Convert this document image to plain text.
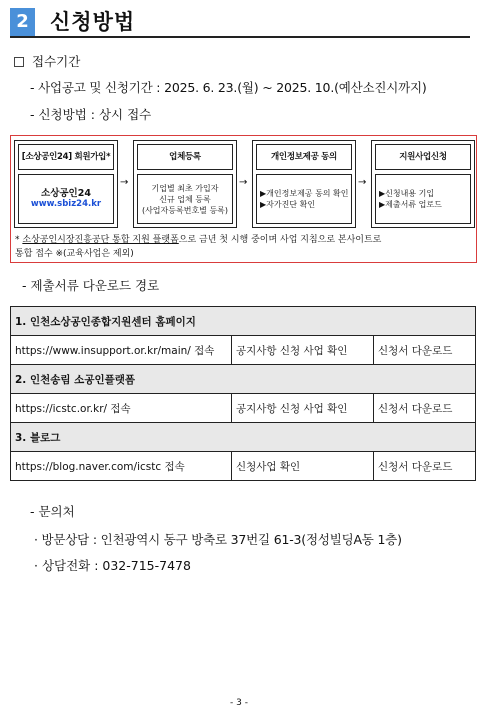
2	신청방법
접수기간
- 사업공고 및 신청기간 : 2025. 6. 23.(월) ~ 2025. 10.(예산소진시까지)
- 신청방법 : 상시 접수
[소상공인24] 회원가입*
소상공인24
www.sbiz24.kr
→
업체등록
기업별 최초 가입자
신규 업체 등록
(사업자등록번호별 등록)
→
개인정보제공 동의
▶개인정보제공 동의 확인
▶자가진단 확인
→
지원사업신청
▶신청내용 기입
▶제출서류 업로드
* 소상공인시장진흥공단 통합 지원 플랫폼으로 금년 첫 시행 중이며 사업 지침으로 본사이트로
통합 접수 ※(교육사업은 제외)
- 제출서류 다운로드 경로
1. 인천소상공인종합지원센터 홈페이지		
https://www.insupport.or.kr/main/ 접속	공지사항 신청 사업 확인	신청서 다운로드
2. 인천송림 소공인플랫폼		
https://icstc.or.kr/ 접속	공지사항 신청 사업 확인	신청서 다운로드
3. 블로그		
https://blog.naver.com/icstc 접속	신청사업 확인	신청서 다운로드
- 문의처
· 방문상담 : 인천광역시 동구 방축로 37번길 61-3(정성빌딩A동 1층)
· 상담전화 : 032-715-7478
- 3 -
